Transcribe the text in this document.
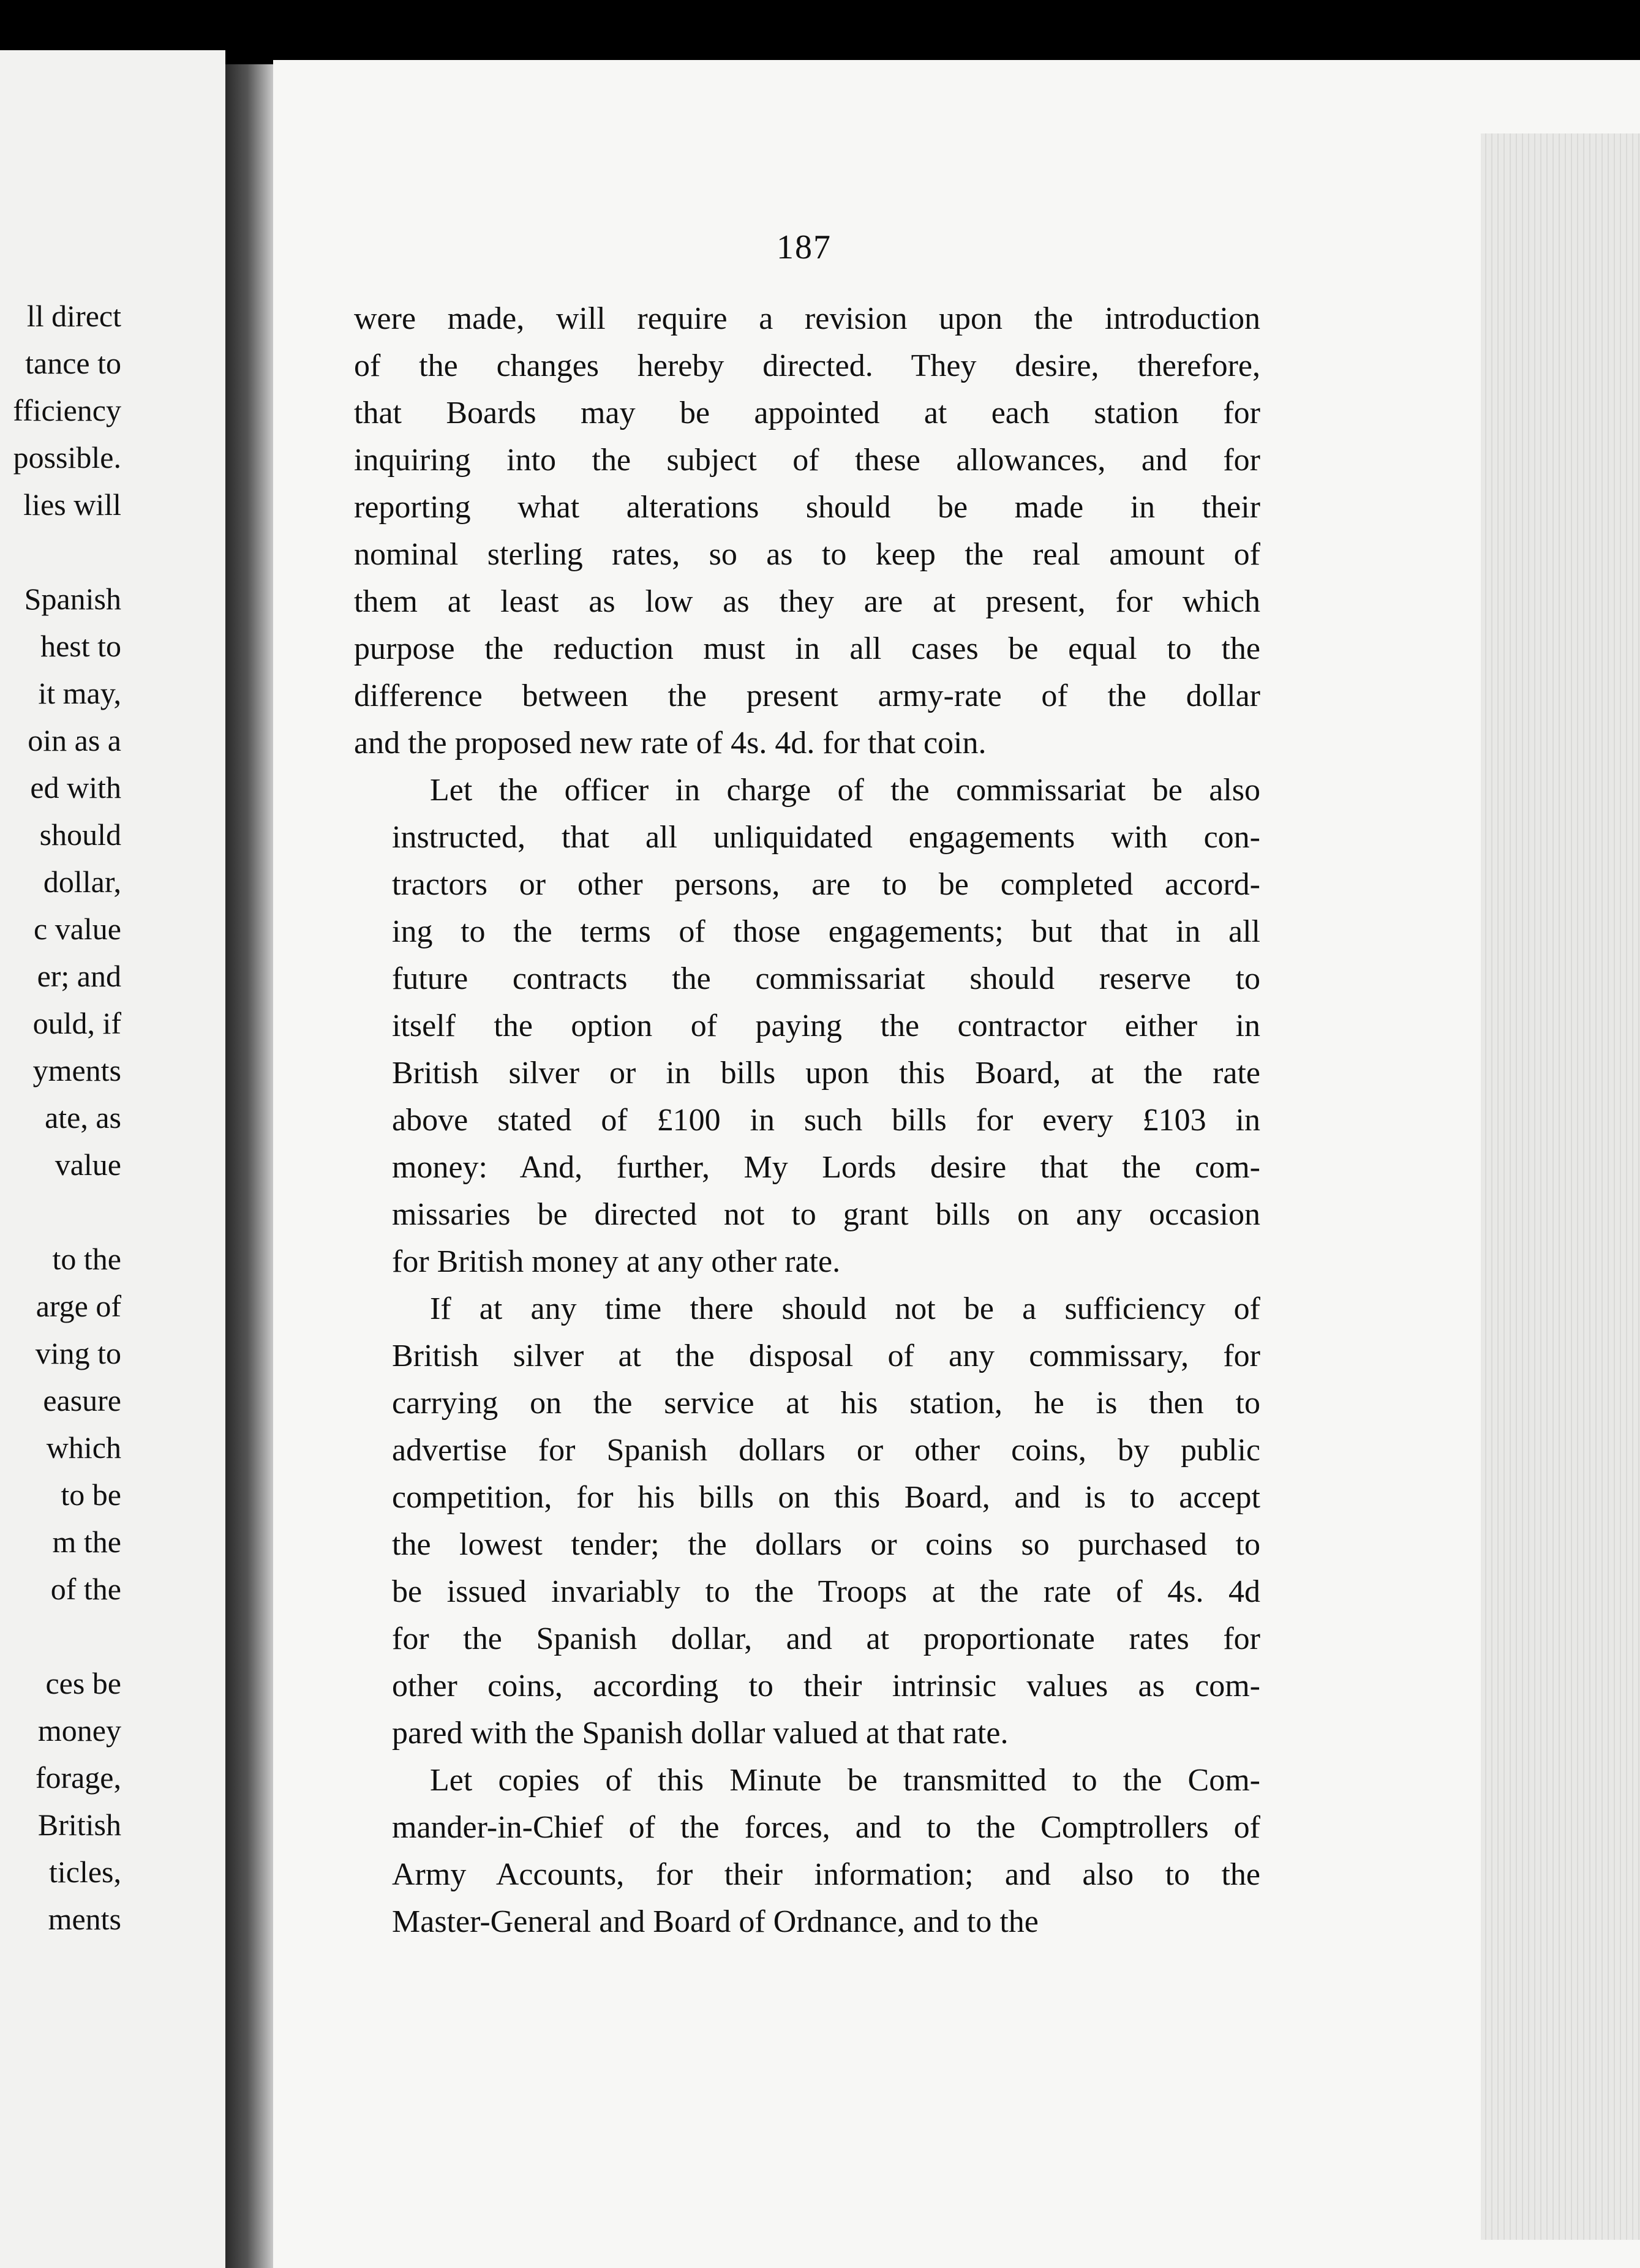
ll direct
tance to
fficiency
possible.
lies will
Spanish
hest to
it may,
oin as a
ed with
should
dollar,
c value
er; and
ould, if
yments
ate, as
value
to the
arge of
ving to
easure
which
to be
m the
of the
ces be
money
forage,
British
ticles,
ments
187
were made, will require a revision upon the introduction
of the changes hereby directed. They desire, therefore,
that Boards may be appointed at each station for
inquiring into the subject of these allowances, and for
reporting what alterations should be made in their
nominal sterling rates, so as to keep the real amount of
them at least as low as they are at present, for which
purpose the reduction must in all cases be equal to the
difference between the present army-rate of the dollar
and the proposed new rate of 4s. 4d. for that coin.
Let the officer in charge of the commissariat be also
instructed, that all unliquidated engagements with con-
tractors or other persons, are to be completed accord-
ing to the terms of those engagements; but that in all
future contracts the commissariat should reserve to
itself the option of paying the contractor either in
British silver or in bills upon this Board, at the rate
above stated of £100 in such bills for every £103 in
money: And, further, My Lords desire that the com-
missaries be directed not to grant bills on any occasion
for British money at any other rate.
If at any time there should not be a sufficiency of
British silver at the disposal of any commissary, for
carrying on the service at his station, he is then to
advertise for Spanish dollars or other coins, by public
competition, for his bills on this Board, and is to accept
the lowest tender; the dollars or coins so purchased to
be issued invariably to the Troops at the rate of 4s. 4d
for the Spanish dollar, and at proportionate rates for
other coins, according to their intrinsic values as com-
pared with the Spanish dollar valued at that rate.
Let copies of this Minute be transmitted to the Com-
mander-in-Chief of the forces, and to the Comptrollers of
Army Accounts, for their information; and also to the
Master-General and Board of Ordnance, and to the
